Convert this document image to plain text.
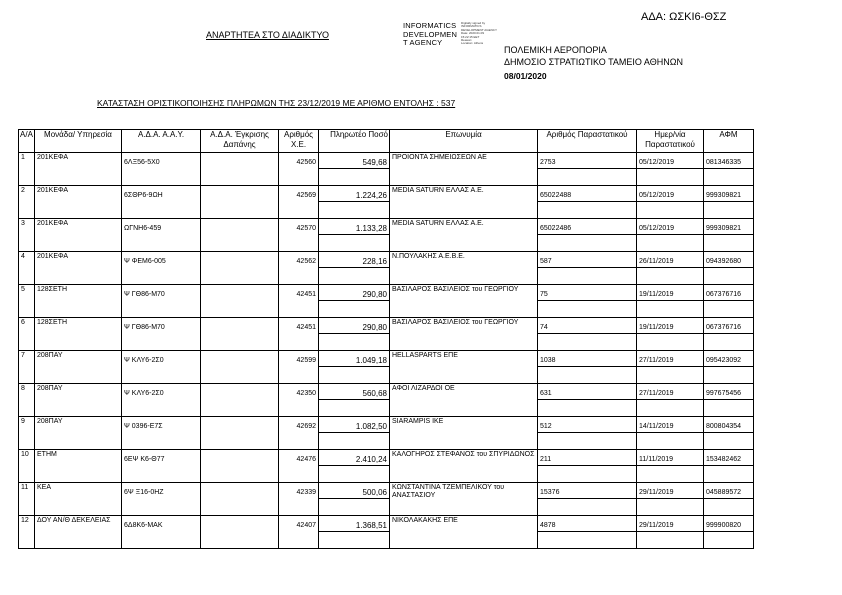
ΑΔΑ: ΩΣΚΙ6-ΘΣΖ
ΑΝΑΡΤΗΤΕΑ ΣΤΟ ΔΙΑΔΙΚΤΥΟ
INFORMATICS
DEVELOPMEN
T AGENCY
Digitally signed by
INFORMATICS
DEVELOPMENT AGENCY
Date: 2020.01.09
15:22:15 EET
Reason:
Location: Athens
ΠΟΛΕΜΙΚΗ ΑΕΡΟΠΟΡΙΑ
ΔΗΜΟΣΙΟ ΣΤΡΑΤΙΩΤΙΚΟ ΤΑΜΕΙΟ ΑΘΗΝΩΝ
08/01/2020
ΚΑΤΑΣΤΑΣΗ ΟΡΙΣΤΙΚΟΠΟΙΗΣΗΣ ΠΛΗΡΩΜΩΝ ΤΗΣ 23/12/2019 ΜΕ ΑΡΙΘΜΟ ΕΝΤΟΛΗΣ : 537
Α/Α	Μονάδα/ Υπηρεσία	Α.Δ.Α. Α.Α.Υ.	Α.Δ.Α. Έγκρισης Δαπάνης	Αριθμός Χ.Ε.	Πληρωτέο Ποσό	Επωνυμία	Αριθμός Παραστατικού	Ημερ/νία Παραστατικού	ΑΦΜ

1	201ΚΕΦΑ	6ΛΞ56-5Χ0		42560	549,68	ΠΡΟΙΟΝΤΑ ΣΗΜΕΙΩΣΕΩΝ ΑΕ	2753	05/12/2019	081346335

2	201ΚΕΦΑ	6ΣΘΡ6-9ΩΗ		42569	1.224,26	MEDIA SATURN ΕΛΛΑΣ Α.Ε.	65022488	05/12/2019	999309821

3	201ΚΕΦΑ	ΩΓΝΗ6-459		42570	1.133,28	MEDIA SATURN ΕΛΛΑΣ Α.Ε.	65022486	05/12/2019	999309821

4	201ΚΕΦΑ	Ψ ΦΕΜ6-005		42562	228,16	Ν.ΠΟΥΛΑΚΗΣ Α.Ε.Β.Ε.	587	26/11/2019	094392680

5	128ΣΕΤΗ	Ψ ΓΘ86-Μ70		42451	290,80	ΒΑΣΙΛΑΡΟΣ ΒΑΣΙΛΕΙΟΣ του ΓΕΩΡΓΙΟΥ	75	19/11/2019	067376716

6	128ΣΕΤΗ	Ψ ΓΘ86-Μ70		42451	290,80	ΒΑΣΙΛΑΡΟΣ ΒΑΣΙΛΕΙΟΣ του ΓΕΩΡΓΙΟΥ	74	19/11/2019	067376716

7	208ΠΑΥ	Ψ ΚΛΥ6-2Σ0		42599	1.049,18	HELLASPARTS ΕΠΕ	1038	27/11/2019	095423092

8	208ΠΑΥ	Ψ ΚΛΥ6-2Σ0		42350	560,68	ΑΦΟΙ ΛΙΖΑΡΔΟΙ ΟΕ	631	27/11/2019	997675456

9	208ΠΑΥ	Ψ 0396-Ε7Σ		42692	1.082,50	SIARAMPIS ΙΚΕ	512	14/11/2019	800804354

10	ΕΤΗΜ	6ΕΨ Κ6-Θ77		42476	2.410,24	ΚΑΛΟΓΗΡΟΣ ΣΤΕΦΑΝΟΣ του ΣΠΥΡΙΔΩΝΟΣ	211	11/11/2019	153482462

11	ΚΕΑ	6Ψ Ξ16-0ΗΖ		42339	500,06	ΚΩΝΣΤΑΝΤΙΝΑ ΤΖΕΜΠΕΛΙΚΟΥ του ΑΝΑΣΤΑΣΙΟΥ	15376	29/11/2019	045889572

12	ΔΟΥ ΑΝ/Θ ΔΕΚΕΛΕΙΑΣ	6Δ8Κ6-ΜΑΚ		42407	1.368,51	ΝΙΚΟΛΑΚΑΚΗΣ ΕΠΕ	4878	29/11/2019	999900820
